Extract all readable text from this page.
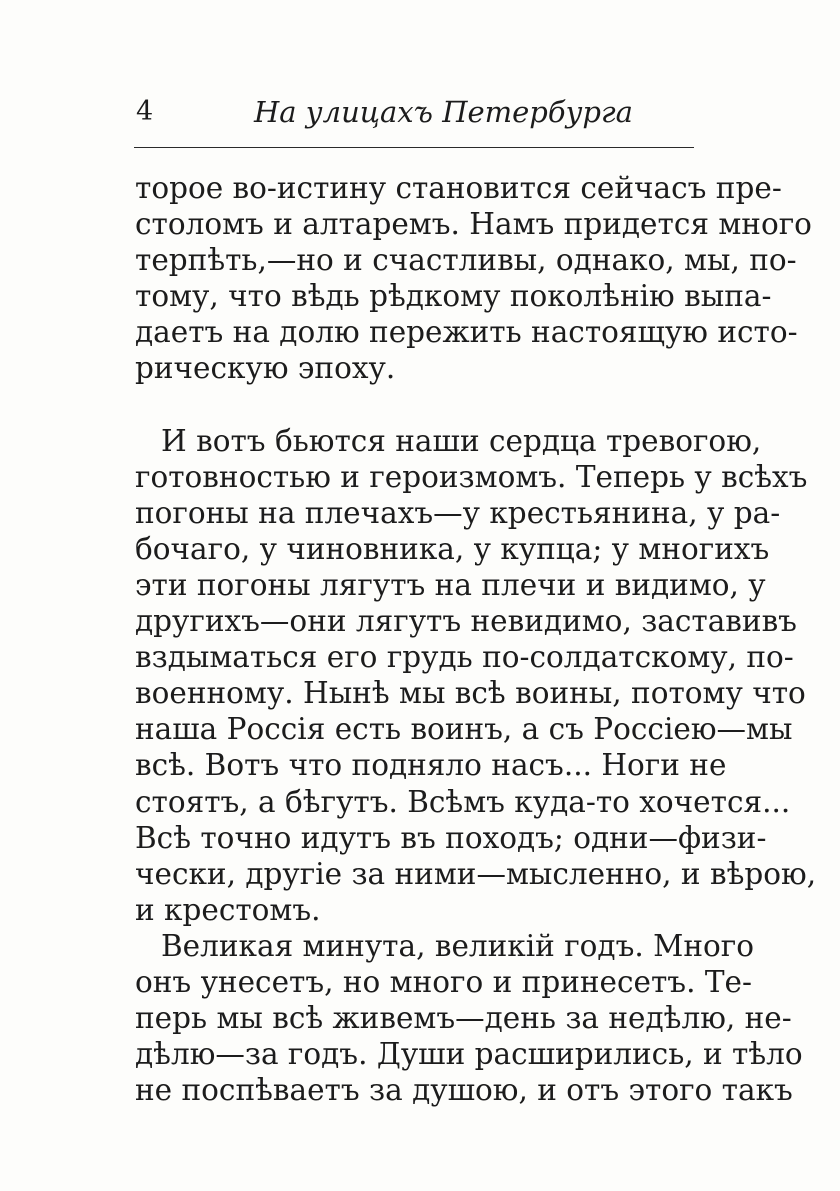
4	На улицахъ Петербурга
торое во-истину становится сейчасъ пре-
столомъ и алтаремъ. Намъ придется много
терпѣть,—но и счастливы, однако, мы, по-
тому, что вѣдь рѣдкому поколѣнію выпа-
даетъ на долю пережить настоящую исто-
рическую эпоху.
И вотъ бьются наши сердца тревогою,
готовностью и героизмомъ. Теперь у всѣхъ
погоны на плечахъ—у крестьянина, у ра-
бочаго, у чиновника, у купца; у многихъ
эти погоны лягутъ на плечи и видимо, у
другихъ—они лягутъ невидимо, заставивъ
вздыматься его грудь по-солдатскому, по-
военному. Нынѣ мы всѣ воины, потому что
наша Россія есть воинъ, а съ Россіею—мы
всѣ. Вотъ что подняло насъ... Ноги не
стоятъ, а бѣгутъ. Всѣмъ куда-то хочется...
Всѣ точно идутъ въ походъ; одни—физи-
чески, другіе за ними—мысленно, и вѣрою,
и крестомъ.
Великая минута, великій годъ. Много
онъ унесетъ, но много и принесетъ. Те-
перь мы всѣ живемъ—день за недѣлю, не-
дѣлю—за годъ. Души расширились, и тѣло
не поспѣваетъ за душою, и отъ этого такъ
